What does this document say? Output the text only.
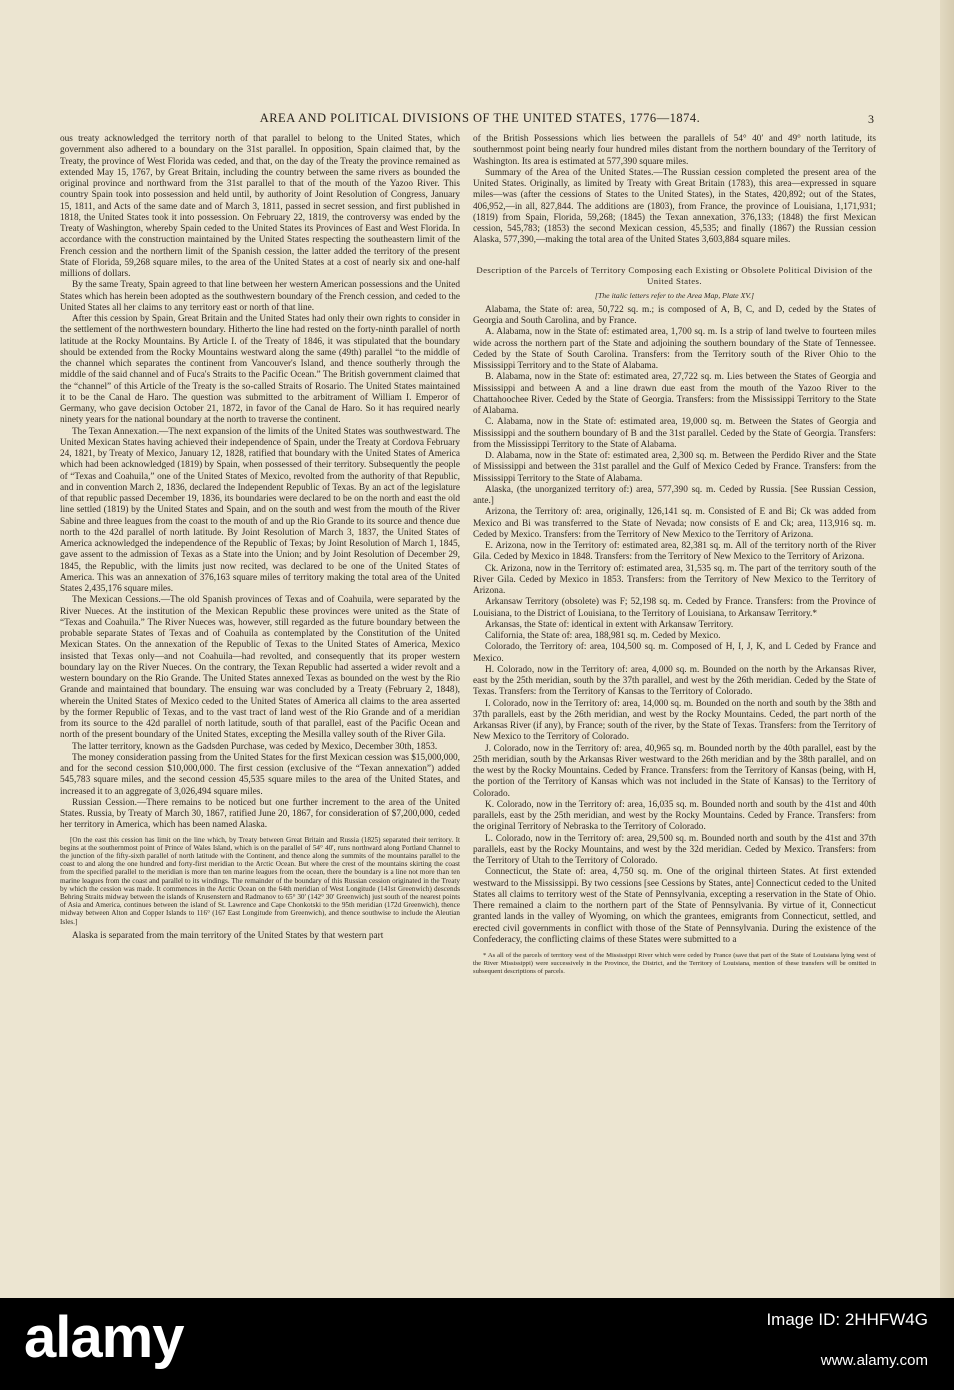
AREA AND POLITICAL DIVISIONS OF THE UNITED STATES, 1776—1874.	3

ous treaty acknowledged the territory north of that parallel to belong to the United States, which government also adhered to a boundary on the 31st parallel. In opposition, Spain claimed that, by the Treaty, the province of West Florida was ceded, and that, on the day of the Treaty the province remained as extended May 15, 1767, by Great Britain, including the country between the same rivers as bounded the original province and northward from the 31st parallel to that of the mouth of the Yazoo River. This country Spain took into possession and held until, by authority of Joint Resolution of Congress, January 15, 1811, and Acts of the same date and of March 3, 1811, passed in secret session, and first published in 1818, the United States took it into possession. On February 22, 1819, the controversy was ended by the Treaty of Washington, whereby Spain ceded to the United States its Provinces of East and West Florida. In accordance with the construction maintained by the United States respecting the southeastern limit of the French cession and the northern limit of the Spanish cession, the latter added the territory of the present State of Florida, 59,268 square miles, to the area of the United States at a cost of nearly six and one-half millions of dollars.

By the same Treaty, Spain agreed to that line between her western American possessions and the United States which has herein been adopted as the southwestern boundary of the French cession, and ceded to the United States all her claims to any territory east or north of that line.

After this cession by Spain, Great Britain and the United States had only their own rights to consider in the settlement of the northwestern boundary. Hitherto the line had rested on the forty-ninth parallel of north latitude at the Rocky Mountains. By Article I. of the Treaty of 1846, it was stipulated that the boundary should be extended from the Rocky Mountains westward along the same (49th) parallel “to the middle of the channel which separates the continent from Vancouver's Island, and thence southerly through the middle of the said channel and of Fuca's Straits to the Pacific Ocean.” The British government claimed that the “channel” of this Article of the Treaty is the so-called Straits of Rosario. The United States maintained it to be the Canal de Haro. The question was submitted to the arbitrament of William I. Emperor of Germany, who gave decision October 21, 1872, in favor of the Canal de Haro. So it has required nearly ninety years for the national boundary at the north to traverse the continent.

The Texan Annexation.—The next expansion of the limits of the United States was southwestward. The United Mexican States having achieved their independence of Spain, under the Treaty at Cordova February 24, 1821, by Treaty of Mexico, January 12, 1828, ratified that boundary with the United States of America which had been acknowledged (1819) by Spain, when possessed of their territory. Subsequently the people of “Texas and Coahuila,” one of the United States of Mexico, revolted from the authority of that Republic, and in convention March 2, 1836, declared the Independent Republic of Texas. By an act of the legislature of that republic passed December 19, 1836, its boundaries were declared to be on the north and east the old line settled (1819) by the United States and Spain, and on the south and west from the mouth of the River Sabine and three leagues from the coast to the mouth of and up the Rio Grande to its source and thence due north to the 42d parallel of north latitude. By Joint Resolution of March 3, 1837, the United States of America acknowledged the independence of the Republic of Texas; by Joint Resolution of March 1, 1845, gave assent to the admission of Texas as a State into the Union; and by Joint Resolution of December 29, 1845, the Republic, with the limits just now recited, was declared to be one of the United States of America. This was an annexation of 376,163 square miles of territory making the total area of the United States 2,435,176 square miles.

The Mexican Cessions.—The old Spanish provinces of Texas and of Coahuila, were separated by the River Nueces. At the institution of the Mexican Republic these provinces were united as the State of “Texas and Coahuila.” The River Nueces was, however, still regarded as the future boundary between the probable separate States of Texas and of Coahuila as contemplated by the Constitution of the United Mexican States. On the annexation of the Republic of Texas to the United States of America, Mexico insisted that Texas only—and not Coahuila—had revolted, and consequently that its proper western boundary lay on the River Nueces. On the contrary, the Texan Republic had asserted a wider revolt and a western boundary on the Rio Grande. The United States annexed Texas as bounded on the west by the Rio Grande and maintained that boundary. The ensuing war was concluded by a Treaty (February 2, 1848), wherein the United States of Mexico ceded to the United States of America all claims to the area asserted by the former Republic of Texas, and to the vast tract of land west of the Rio Grande and of a meridian from its source to the 42d parallel of north latitude, south of that parallel, east of the Pacific Ocean and north of the present boundary of the United States, excepting the Mesilla valley south of the River Gila.

The latter territory, known as the Gadsden Purchase, was ceded by Mexico, December 30th, 1853.

The money consideration passing from the United States for the first Mexican cession was $15,000,000, and for the second cession $10,000,000. The first cession (exclusive of the “Texan annexation”) added 545,783 square miles, and the second cession 45,535 square miles to the area of the United States, and increased it to an aggregate of 3,026,494 square miles.

Russian Cession.—There remains to be noticed but one further increment to the area of the United States. Russia, by Treaty of March 30, 1867, ratified June 20, 1867, for consideration of $7,200,000, ceded her territory in America, which has been named Alaska.

[On the east this cession has limit on the line which, by Treaty between Great Britain and Russia (1825) separated their territory. It begins at the southernmost point of Prince of Wales Island, which is on the parallel of 54° 40′, runs northward along Portland Channel to the junction of the fifty-sixth parallel of north latitude with the Continent, and thence along the summits of the mountains parallel to the coast to and along the one hundred and forty-first meridian to the Arctic Ocean. But where the crest of the mountains skirting the coast from the specified parallel to the meridian is more than ten marine leagues from the ocean, there the boundary is a line not more than ten marine leagues from the coast and parallel to its windings. The remainder of the boundary of this Russian cession originated in the Treaty by which the cession was made. It commences in the Arctic Ocean on the 64th meridian of West Longitude (141st Greenwich) descends Behring Straits midway between the islands of Krusenstern and Radmanov to 65° 30′ (142° 30′ Greenwich) just south of the nearest points of Asia and America, continues between the island of St. Lawrence and Cape Chonkotski to the 95th meridian (172d Greenwich), thence midway between Alton and Copper Islands to 116° (167 East Longitude from Greenwich), and thence southwise to include the Aleutian Isles.]

Alaska is separated from the main territory of the United States by that western part

of the British Possessions which lies between the parallels of 54° 40′ and 49° north latitude, its southernmost point being nearly four hundred miles distant from the northern boundary of the Territory of Washington. Its area is estimated at 577,390 square miles.

Summary of the Area of the United States.—The Russian cession completed the present area of the United States. Originally, as limited by Treaty with Great Britain (1783), this area—expressed in square miles—was (after the cessions of States to the United States), in the States, 420,892; out of the States, 406,952,—in all, 827,844. The additions are (1803), from France, the province of Louisiana, 1,171,931; (1819) from Spain, Florida, 59,268; (1845) the Texan annexation, 376,133; (1848) the first Mexican cession, 545,783; (1853) the second Mexican cession, 45,535; and finally (1867) the Russian cession Alaska, 577,390,—making the total area of the United States 3,603,884 square miles.

Description of the Parcels of Territory Composing each Existing or Obsolete Political Division of the United States.
[The italic letters refer to the Area Map, Plate XV.]

Alabama, the State of: area, 50,722 sq. m.; is composed of A, B, C, and D, ceded by the States of Georgia and South Carolina, and by France.

A. Alabama, now in the State of: estimated area, 1,700 sq. m. Is a strip of land twelve to fourteen miles wide across the northern part of the State and adjoining the southern boundary of the State of Tennessee. Ceded by the State of South Carolina. Transfers: from the Territory south of the River Ohio to the Mississippi Territory and to the State of Alabama.

B. Alabama, now in the State of: estimated area, 27,722 sq. m. Lies between the States of Georgia and Mississippi and between A and a line drawn due east from the mouth of the Yazoo River to the Chattahoochee River. Ceded by the State of Georgia. Transfers: from the Mississippi Territory to the State of Alabama.

C. Alabama, now in the State of: estimated area, 19,000 sq. m. Between the States of Georgia and Mississippi and the southern boundary of B and the 31st parallel. Ceded by the State of Georgia. Transfers: from the Mississippi Territory to the State of Alabama.

D. Alabama, now in the State of: estimated area, 2,300 sq. m. Between the Perdido River and the State of Mississippi and between the 31st parallel and the Gulf of Mexico Ceded by France. Transfers: from the Mississippi Territory to the State of Alabama.

Alaska, (the unorganized territory of:) area, 577,390 sq. m. Ceded by Russia. [See Russian Cession, ante.]

Arizona, the Territory of: area, originally, 126,141 sq. m. Consisted of E and Bi; Ck was added from Mexico and Bi was transferred to the State of Nevada; now consists of E and Ck; area, 113,916 sq. m. Ceded by Mexico. Transfers: from the Territory of New Mexico to the Territory of Arizona.

E. Arizona, now in the Territory of: estimated area, 82,381 sq. m. All of the territory north of the River Gila. Ceded by Mexico in 1848. Transfers: from the Territory of New Mexico to the Territory of Arizona.

Ck. Arizona, now in the Territory of: estimated area, 31,535 sq. m. The part of the territory south of the River Gila. Ceded by Mexico in 1853. Transfers: from the Territory of New Mexico to the Territory of Arizona.

Arkansaw Territory (obsolete) was F; 52,198 sq. m. Ceded by France. Transfers: from the Province of Louisiana, to the District of Louisiana, to the Territory of Louisiana, to Arkansaw Territory.*

Arkansas, the State of: identical in extent with Arkansaw Territory.

California, the State of: area, 188,981 sq. m. Ceded by Mexico.

Colorado, the Territory of: area, 104,500 sq. m. Composed of H, I, J, K, and L Ceded by France and Mexico.

H. Colorado, now in the Territory of: area, 4,000 sq. m. Bounded on the north by the Arkansas River, east by the 25th meridian, south by the 37th parallel, and west by the 26th meridian. Ceded by the State of Texas. Transfers: from the Territory of Kansas to the Territory of Colorado.

I. Colorado, now in the Territory of: area, 14,000 sq. m. Bounded on the north and south by the 38th and 37th parallels, east by the 26th meridian, and west by the Rocky Mountains. Ceded, the part north of the Arkansas River (if any), by France; south of the river, by the State of Texas. Transfers: from the Territory of New Mexico to the Territory of Colorado.

J. Colorado, now in the Territory of: area, 40,965 sq. m. Bounded north by the 40th parallel, east by the 25th meridian, south by the Arkansas River westward to the 26th meridian and by the 38th parallel, and on the west by the Rocky Mountains. Ceded by France. Transfers: from the Territory of Kansas (being, with H, the portion of the Territory of Kansas which was not included in the State of Kansas) to the Territory of Colorado.

K. Colorado, now in the Territory of: area, 16,035 sq. m. Bounded north and south by the 41st and 40th parallels, east by the 25th meridian, and west by the Rocky Mountains. Ceded by France. Transfers: from the original Territory of Nebraska to the Territory of Colorado.

L. Colorado, now in the Territory of: area, 29,500 sq. m. Bounded north and south by the 41st and 37th parallels, east by the Rocky Mountains, and west by the 32d meridian. Ceded by Mexico. Transfers: from the Territory of Utah to the Territory of Colorado.

Connecticut, the State of: area, 4,750 sq. m. One of the original thirteen States. At first extended westward to the Mississippi. By two cessions [see Cessions by States, ante] Connecticut ceded to the United States all claims to territory west of the State of Pennsylvania, excepting a reservation in the State of Ohio. There remained a claim to the northern part of the State of Pennsylvania. By virtue of it, Connecticut granted lands in the valley of Wyoming, on which the grantees, emigrants from Connecticut, settled, and erected civil governments in conflict with those of the State of Pennsylvania. During the existence of the Confederacy, the conflicting claims of these States were submitted to a

* As all of the parcels of territory west of the Mississippi River which were ceded by France (save that part of the State of Louisiana lying west of the River Mississippi) were successively in the Province, the District, and the Territory of Louisiana, mention of these transfers will be omitted in subsequent descriptions of parcels.

alamy	Image ID: 2HHFW4G
www.alamy.com
